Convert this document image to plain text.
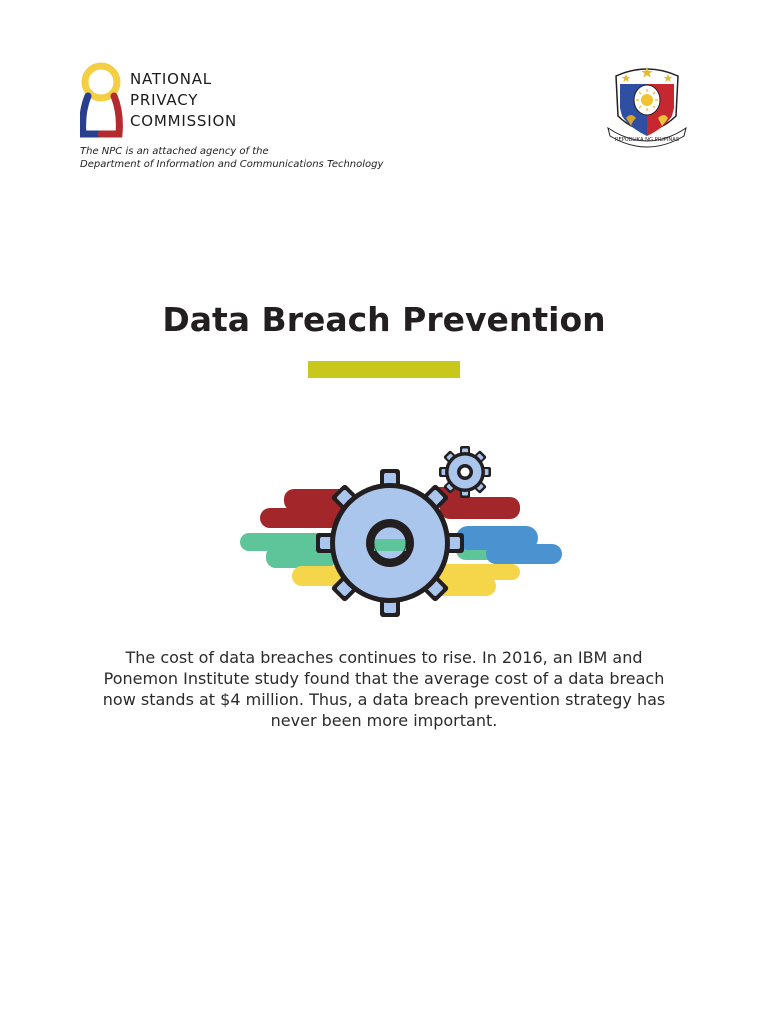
NATIONAL
PRIVACY
COMMISSION
The NPC is an attached agency of the
Department of Information and Communications Technology
REPUBLIKA NG PILIPINAS
Data Breach Prevention
The cost of data breaches continues to rise. In 2016, an IBM and Ponemon Institute study found that the average cost of a data breach now stands at $4 million. Thus, a data breach prevention strategy has never been more important.
